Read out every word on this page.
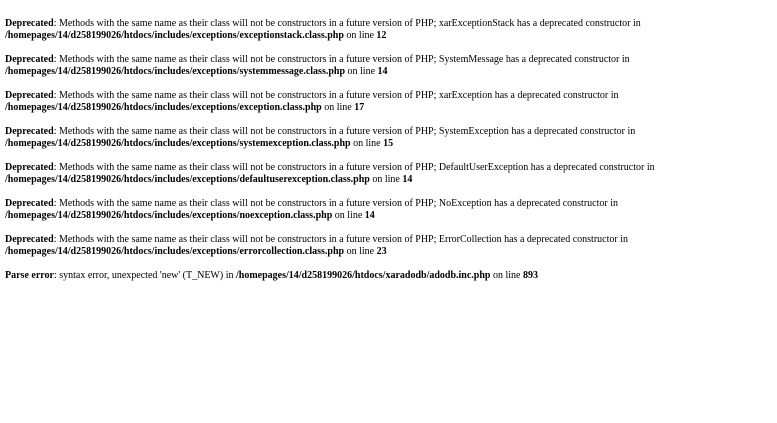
Deprecated: Methods with the same name as their class will not be constructors in a future version of PHP; xarExceptionStack has a deprecated constructor in
/homepages/14/d258199026/htdocs/includes/exceptions/exceptionstack.class.php on line 12
Deprecated: Methods with the same name as their class will not be constructors in a future version of PHP; SystemMessage has a deprecated constructor in
/homepages/14/d258199026/htdocs/includes/exceptions/systemmessage.class.php on line 14
Deprecated: Methods with the same name as their class will not be constructors in a future version of PHP; xarException has a deprecated constructor in
/homepages/14/d258199026/htdocs/includes/exceptions/exception.class.php on line 17
Deprecated: Methods with the same name as their class will not be constructors in a future version of PHP; SystemException has a deprecated constructor in
/homepages/14/d258199026/htdocs/includes/exceptions/systemexception.class.php on line 15
Deprecated: Methods with the same name as their class will not be constructors in a future version of PHP; DefaultUserException has a deprecated constructor in
/homepages/14/d258199026/htdocs/includes/exceptions/defaultuserexception.class.php on line 14
Deprecated: Methods with the same name as their class will not be constructors in a future version of PHP; NoException has a deprecated constructor in
/homepages/14/d258199026/htdocs/includes/exceptions/noexception.class.php on line 14
Deprecated: Methods with the same name as their class will not be constructors in a future version of PHP; ErrorCollection has a deprecated constructor in
/homepages/14/d258199026/htdocs/includes/exceptions/errorcollection.class.php on line 23
Parse error: syntax error, unexpected 'new' (T_NEW) in /homepages/14/d258199026/htdocs/xaradodb/adodb.inc.php on line 893
